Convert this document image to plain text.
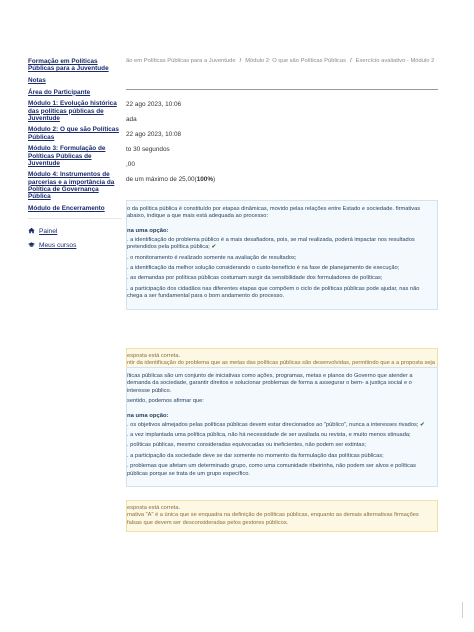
Formação em Políticas Públicas para a Juventude
Notas
Área do Participante
Módulo 1: Evolução histórica das políticas públicas de Juventude
Módulo 2: O que são Políticas Públicas
Módulo 3: Formulação de Políticas Públicas de Juventude
Módulo 4: Instrumentos de parcerias e a importância da Política de Governança Pública
Módulo de Encerramento
Painel
Meus cursos
ão em Políticas Públicas para a Juventude / Módulo 2: O que são Políticas Públicas / Exercício avaliativo - Módulo 2
22 ago 2023, 10:06
ada
22 ago 2023, 10:08
to 30 segundos
,00
de um máximo de 25,00(100%)
o da política pública é constituído por etapas dinâmicas, movido pelas relações entre Estado e sociedade. firmativas abaixo, indique a que mais está adequada ao processo:
na uma opção:
. a identificação do problema público é a mais desafiadora, pois, se mal realizada, poderá impactar nos resultados pretendidos pela política pública; ✔
. o monitoramento é realizado somente na avaliação de resultados;
. a identificação da melhor solução considerando o custo-benefício é na fase de planejamento de execução;
. as demandas por políticas públicas costumam surgir da sensibilidade dos formuladores de políticas;
. a participação dos cidadãos nas diferentes etapas que compõem o ciclo de políticas públicas pode ajudar, nas não chega a ser fundamental para o bom andamento do processo.
esposta está correta.
ntir da identificação do problema que as metas das políticas públicas são desenvolvidas, permitindo que a a proposta seja
íticas públicas são um conjunto de iniciativas como ações, programas, metas e planos do Governo que atender a demanda da sociedade, garantir direitos e solucionar problemas de forma a assegurar o bem- a justiça social e o interesse público.
sentido, podemos afirmar que:
na uma opção:
. os objetivos almejados pelas políticas públicas devem estar direcionados ao "público", nunca a interesses rivados; ✔
. a vez implantada uma política pública, não há necessidade de ser avaliada ou revista, e muito menos stinuada;
. políticas públicas, mesmo consideradas equivocadas ou ineficientes, não podem ser extintas;
. a participação da sociedade deve se dar somente no momento da formulação das políticas públicas;
. problemas que afetam um determinado grupo, como uma comunidade ribeirinha, não podem ser alvos e políticas públicas porque se trata de um grupo específico.
esposta está correta.
rnativa "A" é a única que se enquadra na definição de políticas públicas, enquanto as demais alternativas firmações falsas que devem ser desconsideradas pelos gestores públicos.
